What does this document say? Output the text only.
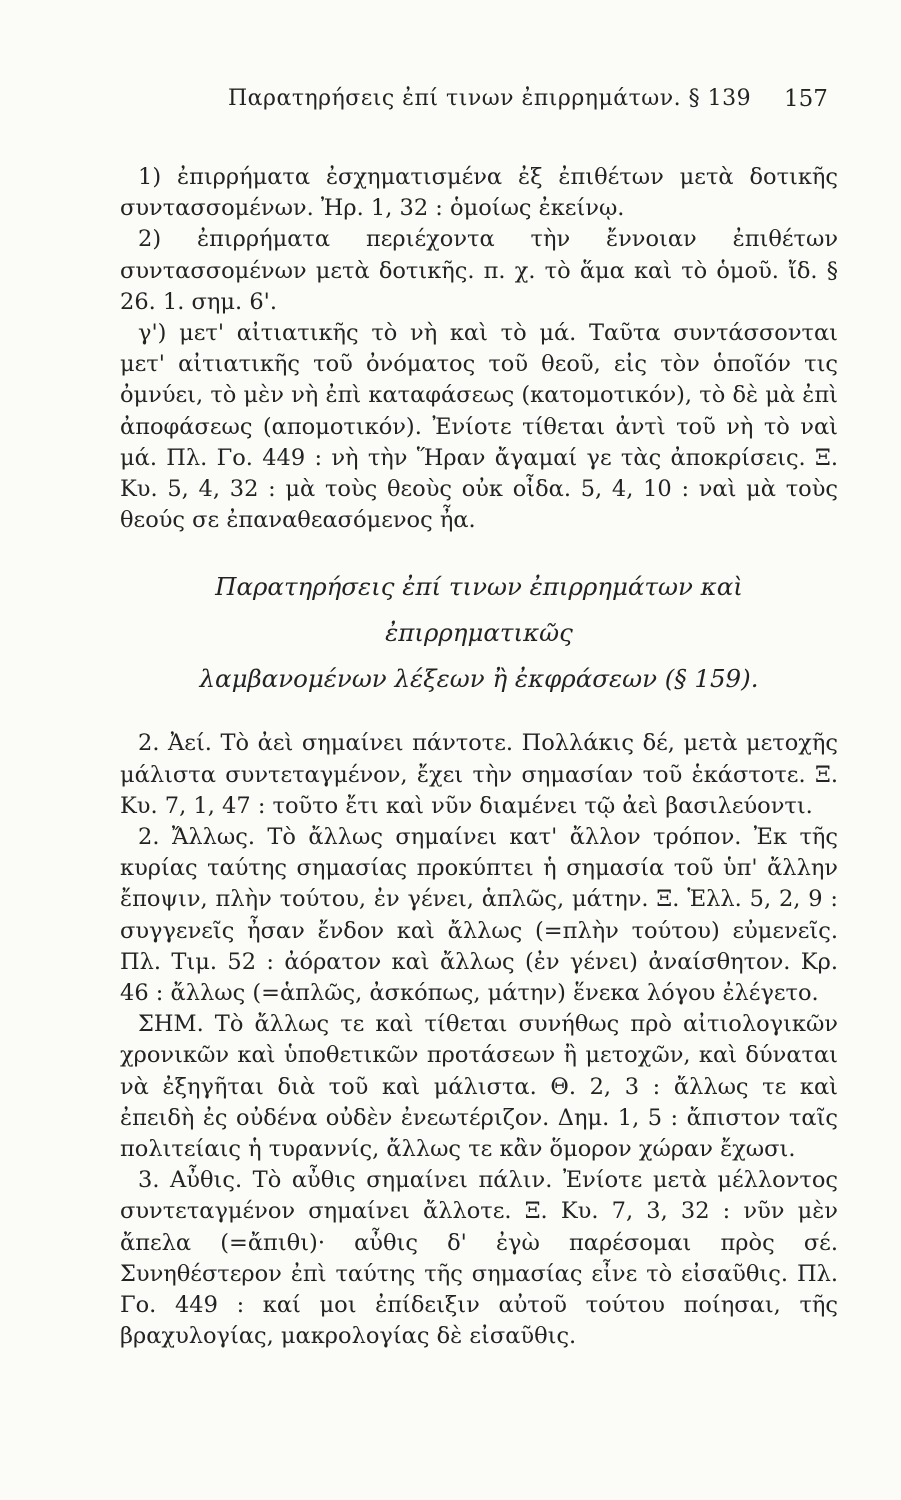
Παρατηρήσεις ἐπί τινων ἐπιρρημάτων. § 139 157

1) ἐπιρρήματα ἐσχηματισμένα ἐξ ἐπιθέτων μετὰ δοτικῆς συντασσομένων. Ἠρ. 1, 32 : ὁμοίως ἐκείνῳ.

2) ἐπιρρήματα περιέχοντα τὴν ἔννοιαν ἐπιθέτων συντασσομένων μετὰ δοτικῆς. π. χ. τὸ ἅμα καὶ τὸ ὁμοῦ. ἴδ. § 26. 1. σημ. 6'.

γ') μετ' αἰτιατικῆς τὸ νὴ καὶ τὸ μά. Ταῦτα συντάσσονται μετ' αἰτιατικῆς τοῦ ὀνόματος τοῦ θεοῦ, εἰς τὸν ὁποῖόν τις ὀμνύει, τὸ μὲν νὴ ἐπὶ καταφάσεως (κατομοτικόν), τὸ δὲ μὰ ἐπὶ ἀποφάσεως (απομοτικόν). Ἐνίοτε τίθεται ἀντὶ τοῦ νὴ τὸ ναὶ μά. Πλ. Γο. 449 : νὴ τὴν Ἥραν ἄγαμαί γε τὰς ἀποκρίσεις. Ξ. Κυ. 5, 4, 32 : μὰ τοὺς θεοὺς οὐκ οἶδα. 5, 4, 10 : ναὶ μὰ τοὺς θεούς σε ἐπαναθεασόμενος ἦα.

Παρατηρήσεις ἐπί τινων ἐπιρρημάτων καὶ ἐπιρρηματικῶς
λαμβανομένων λέξεων ἢ ἐκφράσεων (§ 159).

2. Ἀεί. Τὸ ἀεὶ σημαίνει πάντοτε. Πολλάκις δέ, μετὰ μετοχῆς μάλιστα συντεταγμένον, ἔχει τὴν σημασίαν τοῦ ἑκάστοτε. Ξ. Κυ. 7, 1, 47 : τοῦτο ἔτι καὶ νῦν διαμένει τῷ ἀεὶ βασιλεύοντι.

2. Ἄλλως. Τὸ ἄλλως σημαίνει κατ' ἄλλον τρόπον. Ἐκ τῆς κυρίας ταύτης σημασίας προκύπτει ἡ σημασία τοῦ ὑπ' ἄλλην ἔποψιν, πλὴν τούτου, ἐν γένει, ἁπλῶς, μάτην. Ξ. Ἑλλ. 5, 2, 9 : συγγενεῖς ἦσαν ἔνδον καὶ ἄλλως (=πλὴν τούτου) εὐμενεῖς. Πλ. Τιμ. 52 : ἀόρατον καὶ ἄλλως (ἐν γένει) ἀναίσθητον. Κρ. 46 : ἄλλως (=ἁπλῶς, ἀσκόπως, μάτην) ἕνεκα λόγου ἐλέγετο.

ΣΗΜ. Τὸ ἄλλως τε καὶ τίθεται συνήθως πρὸ αἰτιολογικῶν χρονικῶν καὶ ὑποθετικῶν προτάσεων ἢ μετοχῶν, καὶ δύναται νὰ ἐξηγῆται διὰ τοῦ καὶ μάλιστα. Θ. 2, 3 : ἄλλως τε καὶ ἐπειδὴ ἐς οὐδένα οὐδὲν ἐνεωτέριζον. Δημ. 1, 5 : ἄπιστον ταῖς πολιτείαις ἡ τυραννίς, ἄλλως τε κἂν ὅμορον χώραν ἔχωσι.

3. Αὖθις. Τὸ αὖθις σημαίνει πάλιν. Ἐνίοτε μετὰ μέλλοντος συντεταγμένον σημαίνει ἄλλοτε. Ξ. Κυ. 7, 3, 32 : νῦν μὲν ἄπελα (=ἄπιθι)· αὖθις δ' ἐγὼ παρέσομαι πρὸς σέ. Συνηθέστερον ἐπὶ ταύτης τῆς σημασίας εἶνε τὸ εἰσαῦθις. Πλ. Γο. 449 : καί μοι ἐπίδειξιν αὐτοῦ τούτου ποίησαι, τῆς βραχυλογίας, μακρολογίας δὲ εἰσαῦθις.
